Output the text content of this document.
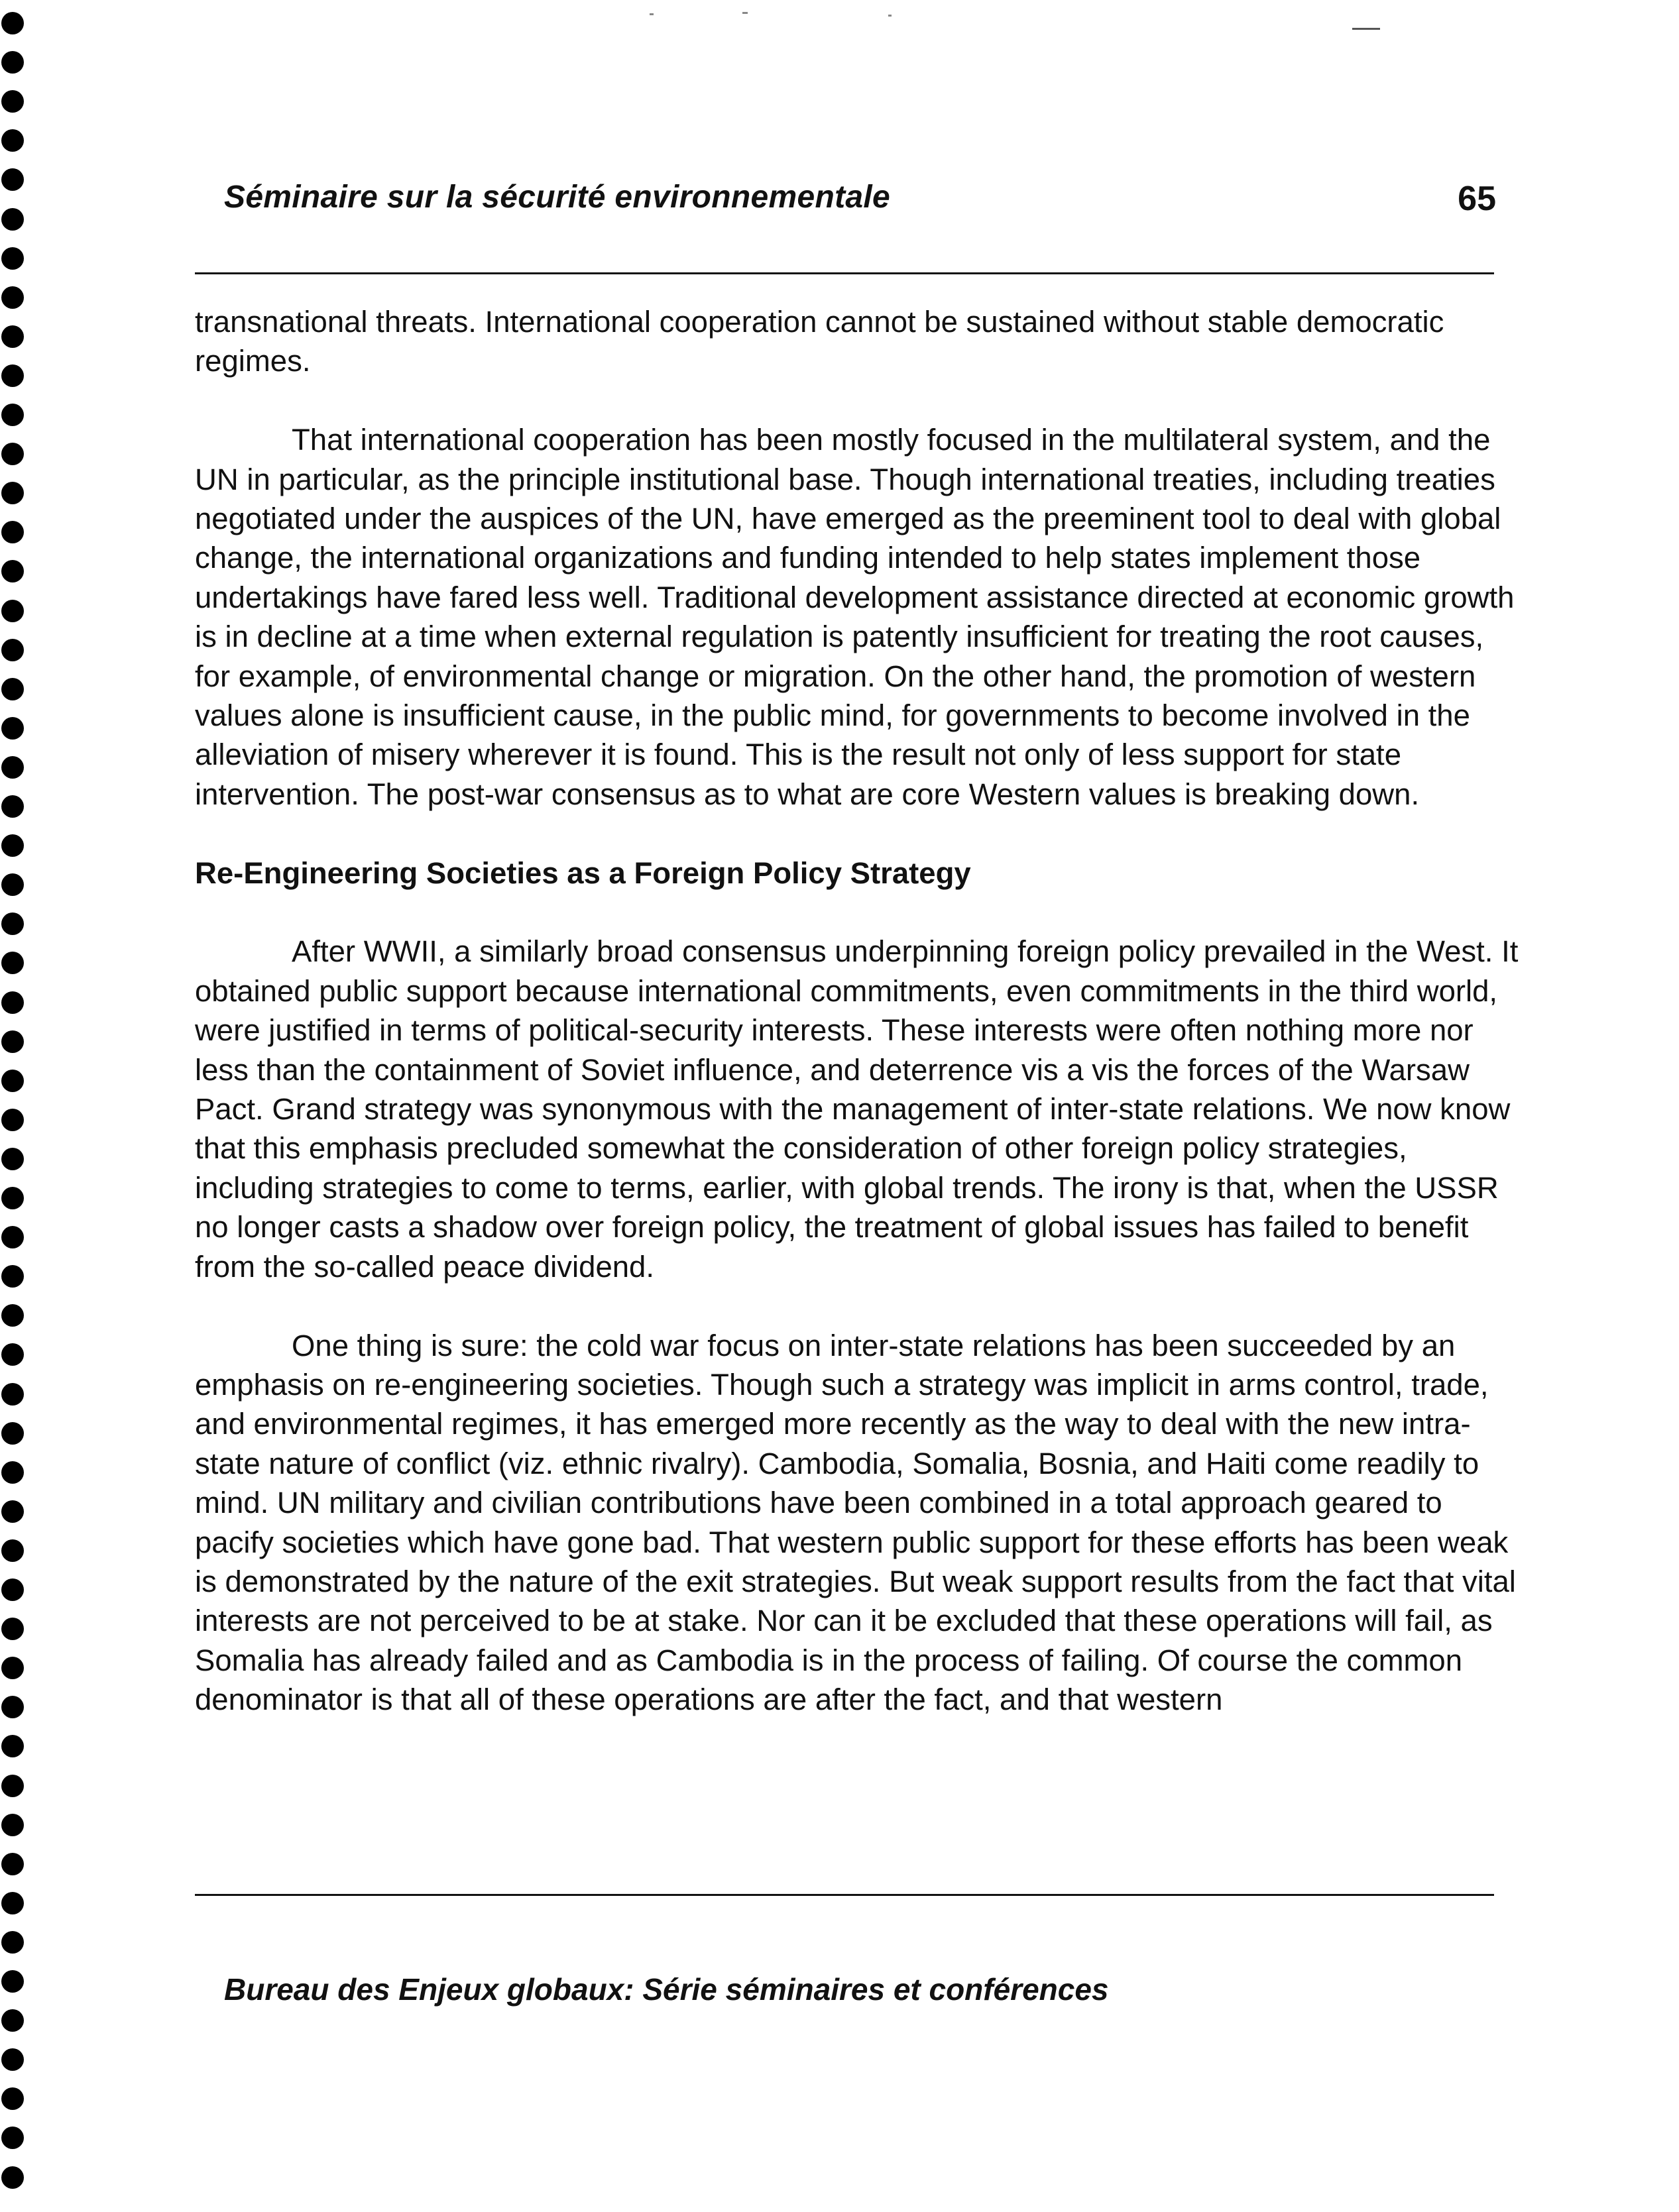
Séminaire sur la sécurité environnementale	65

transnational threats. International cooperation cannot be sustained without stable democratic regimes.

That international cooperation has been mostly focused in the multilateral system, and the UN in particular, as the principle institutional base. Though international treaties, including treaties negotiated under the auspices of the UN, have emerged as the preeminent tool to deal with global change, the international organizations and funding intended to help states implement those undertakings have fared less well. Traditional development assistance directed at economic growth is in decline at a time when external regulation is patently insufficient for treating the root causes, for example, of environmental change or migration. On the other hand, the promotion of western values alone is insufficient cause, in the public mind, for governments to become involved in the alleviation of misery wherever it is found. This is the result not only of less support for state intervention. The post-war consensus as to what are core Western values is breaking down.

Re-Engineering Societies as a Foreign Policy Strategy

After WWII, a similarly broad consensus underpinning foreign policy prevailed in the West. It obtained public support because international commitments, even commitments in the third world, were justified in terms of political-security interests. These interests were often nothing more nor less than the containment of Soviet influence, and deterrence vis a vis the forces of the Warsaw Pact. Grand strategy was synonymous with the management of inter-state relations. We now know that this emphasis precluded somewhat the consideration of other foreign policy strategies, including strategies to come to terms, earlier, with global trends. The irony is that, when the USSR no longer casts a shadow over foreign policy, the treatment of global issues has failed to benefit from the so-called peace dividend.

One thing is sure: the cold war focus on inter-state relations has been succeeded by an emphasis on re-engineering societies. Though such a strategy was implicit in arms control, trade, and environmental regimes, it has emerged more recently as the way to deal with the new intra-state nature of conflict (viz. ethnic rivalry). Cambodia, Somalia, Bosnia, and Haiti come readily to mind. UN military and civilian contributions have been combined in a total approach geared to pacify societies which have gone bad. That western public support for these efforts has been weak is demonstrated by the nature of the exit strategies. But weak support results from the fact that vital interests are not perceived to be at stake. Nor can it be excluded that these operations will fail, as Somalia has already failed and as Cambodia is in the process of failing. Of course the common denominator is that all of these operations are after the fact, and that western

Bureau des Enjeux globaux: Série séminaires et conférences
